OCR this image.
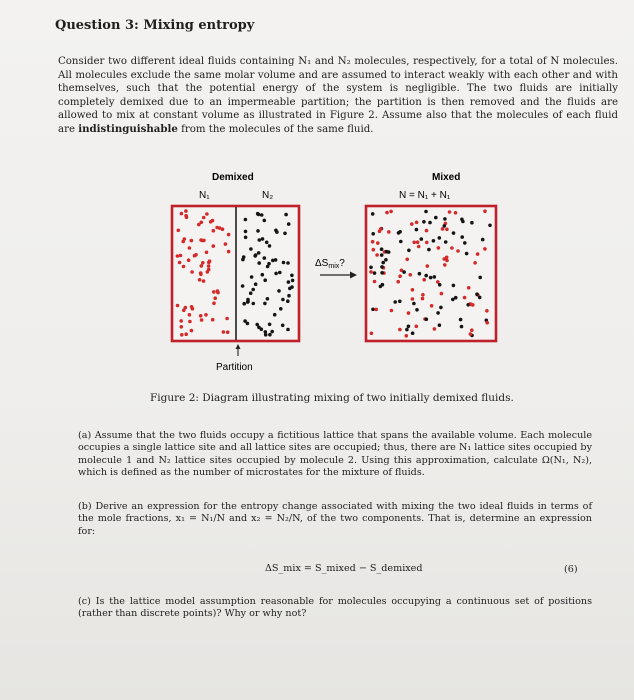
Question 3: Mixing entropy
Consider two different ideal fluids containing N₁ and N₂ molecules, respectively, for a total of N molecules. All molecules exclude the same molar volume and are assumed to interact weakly with each other and with themselves, such that the potential energy of the system is negligible. The two fluids are initially completely demixed due to an impermeable partition; the partition is then removed and the fluids are allowed to mix at constant volume as illustrated in Figure 2. Assume also that the molecules of each fluid are indistinguishable from the molecules of the same fluid.
Demixed	Mixed
N₁	N₂	N = N₁ + N₁
$\Delta S_{mix}$?
Partition
Figure 2: Diagram illustrating mixing of two initially demixed fluids.
(a) Assume that the two fluids occupy a fictitious lattice that spans the available volume. Each molecule occupies a single lattice site and all lattice sites are occupied; thus, there are N₁ lattice sites occupied by molecule 1 and N₂ lattice sites occupied by molecule 2. Using this approximation, calculate Ω(N₁, N₂), which is defined as the number of microstates for the mixture of fluids.
(b) Derive an expression for the entropy change associated with mixing the two ideal fluids in terms of the mole fractions, x₁ = N₁/N and x₂ = N₂/N, of the two components. That is, determine an expression for:
ΔS_mix = S_mixed − S_demixed	(6)
(c) Is the lattice model assumption reasonable for molecules occupying a continuous set of positions (rather than discrete points)? Why or why not?
